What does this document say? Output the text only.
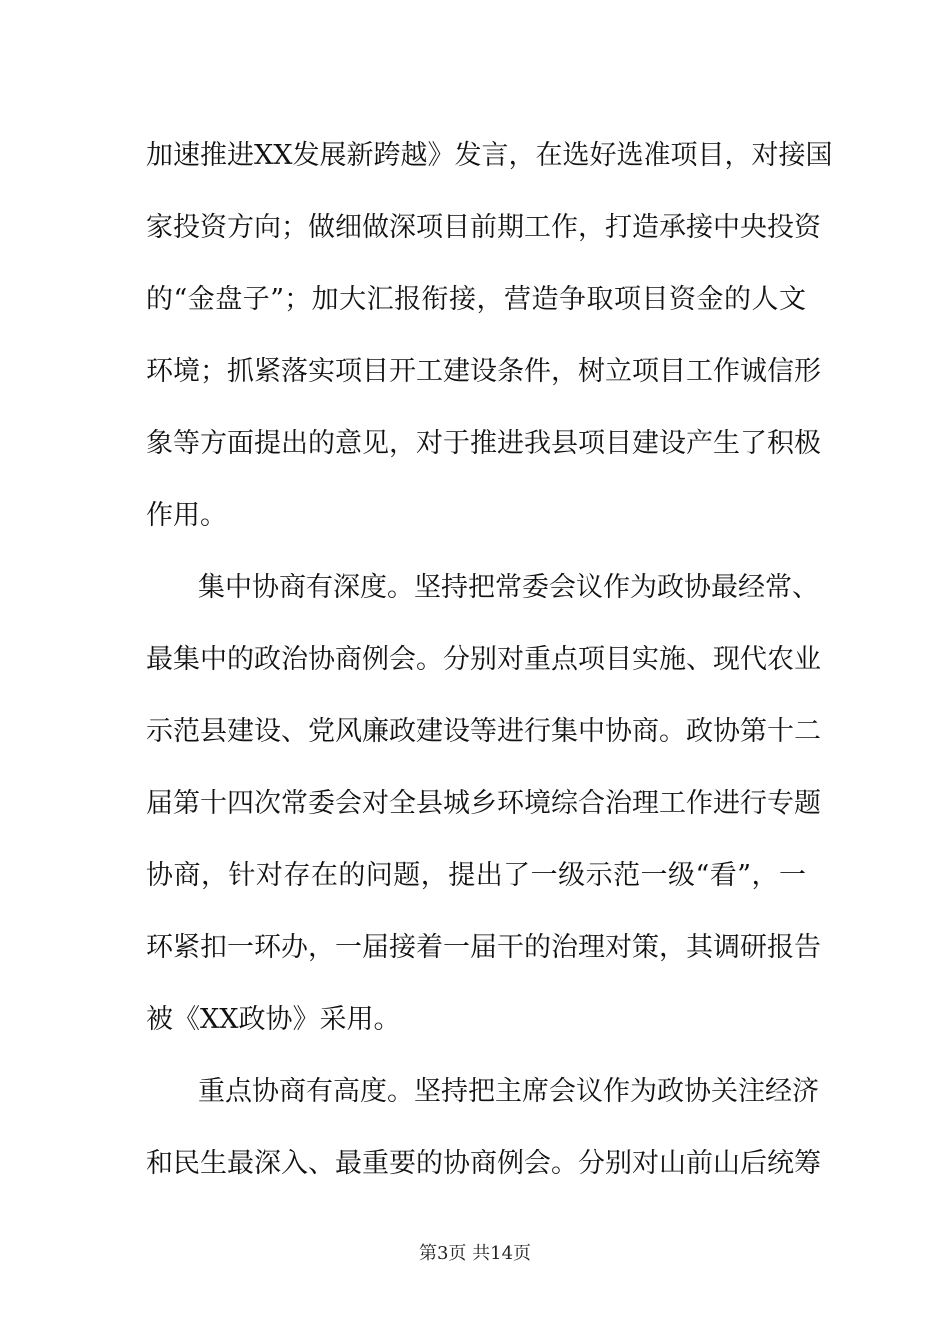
加速推进XX发展新跨越》发言，在选好选准项目，对接国
家投资方向；做细做深项目前期工作，打造承接中央投资
的“金盘子”；加大汇报衔接，营造争取项目资金的人文
环境；抓紧落实项目开工建设条件，树立项目工作诚信形
象等方面提出的意见，对于推进我县项目建设产生了积极
作用。
集中协商有深度。坚持把常委会议作为政协最经常、
最集中的政治协商例会。分别对重点项目实施、现代农业
示范县建设、党风廉政建设等进行集中协商。政协第十二
届第十四次常委会对全县城乡环境综合治理工作进行专题
协商，针对存在的问题，提出了一级示范一级“看”，一
环紧扣一环办，一届接着一届干的治理对策，其调研报告
被《XX政协》采用。
重点协商有高度。坚持把主席会议作为政协关注经济
和民生最深入、最重要的协商例会。分别对山前山后统筹
第3页 共14页
